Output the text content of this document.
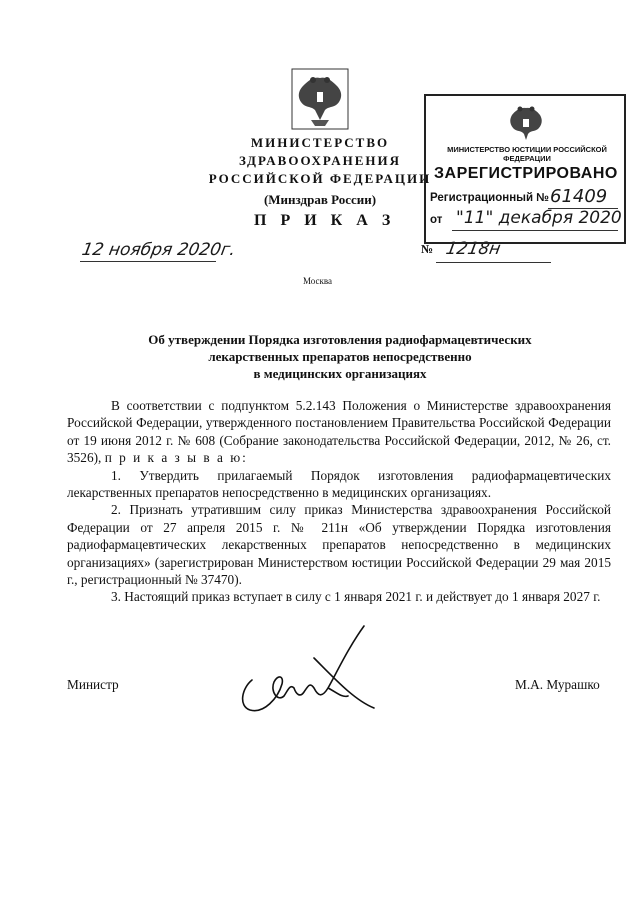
МИНИСТЕРСТВО ЗДРАВООХРАНЕНИЯ
РОССИЙСКОЙ ФЕДЕРАЦИИ
(Минздрав России)
П Р И К А З
12 ноября 2020г.	№ 1218н
Москва
МИНИСТЕРСТВО ЮСТИЦИИ РОССИЙСКОЙ ФЕДЕРАЦИИ
ЗАРЕГИСТРИРОВАНО
Регистрационный № 61409
от "11" декабря 2020
Об утверждении Порядка изготовления радиофармацевтических
лекарственных препаратов непосредственно
в медицинских организациях

В соответствии с подпунктом 5.2.143 Положения о Министерстве здравоохранения Российской Федерации, утвержденного постановлением Правительства Российской Федерации от 19 июня 2012 г. № 608 (Собрание законодательства Российской Федерации, 2012, № 26, ст. 3526), п р и к а з ы в а ю:

1. Утвердить прилагаемый Порядок изготовления радиофармацевтических лекарственных препаратов непосредственно в медицинских организациях.

2. Признать утратившим силу приказ Министерства здравоохранения Российской Федерации от 27 апреля 2015 г. № 211н «Об утверждении Порядка изготовления радиофармацевтических лекарственных препаратов непосредственно в медицинских организациях» (зарегистрирован Министерством юстиции Российской Федерации 29 мая 2015 г., регистрационный № 37470).

3. Настоящий приказ вступает в силу с 1 января 2021 г. и действует до 1 января 2027 г.

Министр	М.А. Мурашко
